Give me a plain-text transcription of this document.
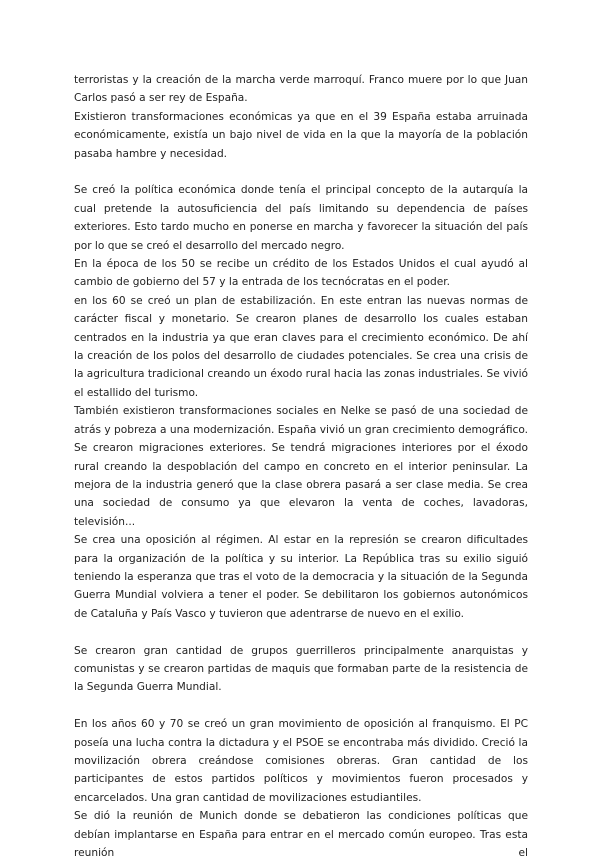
terroristas y la creación de la marcha verde marroquí. Franco muere por lo que Juan Carlos pasó a ser rey de España.

Existieron transformaciones económicas ya que en el 39 España estaba arruinada económicamente, existía un bajo nivel de vida en la que la mayoría de la población pasaba hambre y necesidad.

Se creó la política económica donde tenía el principal concepto de la autarquía la cual pretende la autosuficiencia del país limitando su dependencia de países exteriores. Esto tardo mucho en ponerse en marcha y favorecer la situación del país por lo que se creó el desarrollo del mercado negro.

En la época de los 50 se recibe un crédito de los Estados Unidos el cual ayudó al cambio de gobierno del 57 y la entrada de los tecnócratas en el poder.

en los 60 se creó un plan de estabilización. En este entran las nuevas normas de carácter fiscal y monetario. Se crearon planes de desarrollo los cuales estaban centrados en la industria ya que eran claves para el crecimiento económico. De ahí la creación de los polos del desarrollo de ciudades potenciales. Se crea una crisis de la agricultura tradicional creando un éxodo rural hacia las zonas industriales. Se vivió el estallido del turismo.

También existieron transformaciones sociales en Nelke se pasó de una sociedad de atrás y pobreza a una modernización. España vivió un gran crecimiento demográfico. Se crearon migraciones exteriores. Se tendrá migraciones interiores por el éxodo rural creando la despoblación del campo en concreto en el interior peninsular. La mejora de la industria generó que la clase obrera pasará a ser clase media. Se crea una sociedad de consumo ya que elevaron la venta de coches, lavadoras, televisión...

Se crea una oposición al régimen. Al estar en la represión se crearon dificultades para la organización de la política y su interior. La República tras su exilio siguió teniendo la esperanza que tras el voto de la democracia y la situación de la Segunda Guerra Mundial volviera a tener el poder. Se debilitaron los gobiernos autonómicos de Cataluña y País Vasco y tuvieron que adentrarse de nuevo en el exilio.

Se crearon gran cantidad de grupos guerrilleros principalmente anarquistas y comunistas y se crearon partidas de maquis que formaban parte de la resistencia de la Segunda Guerra Mundial.

En los años 60 y 70 se creó un gran movimiento de oposición al franquismo. El PC poseía una lucha contra la dictadura y el PSOE se encontraba más dividido. Creció la movilización obrera creándose comisiones obreras. Gran cantidad de los participantes de estos partidos políticos y movimientos fueron procesados y encarcelados. Una gran cantidad de movilizaciones estudiantiles.

Se dió la reunión de Munich donde se debatieron las condiciones políticas que debían implantarse en España para entrar en el mercado común europeo. Tras esta reunión el
